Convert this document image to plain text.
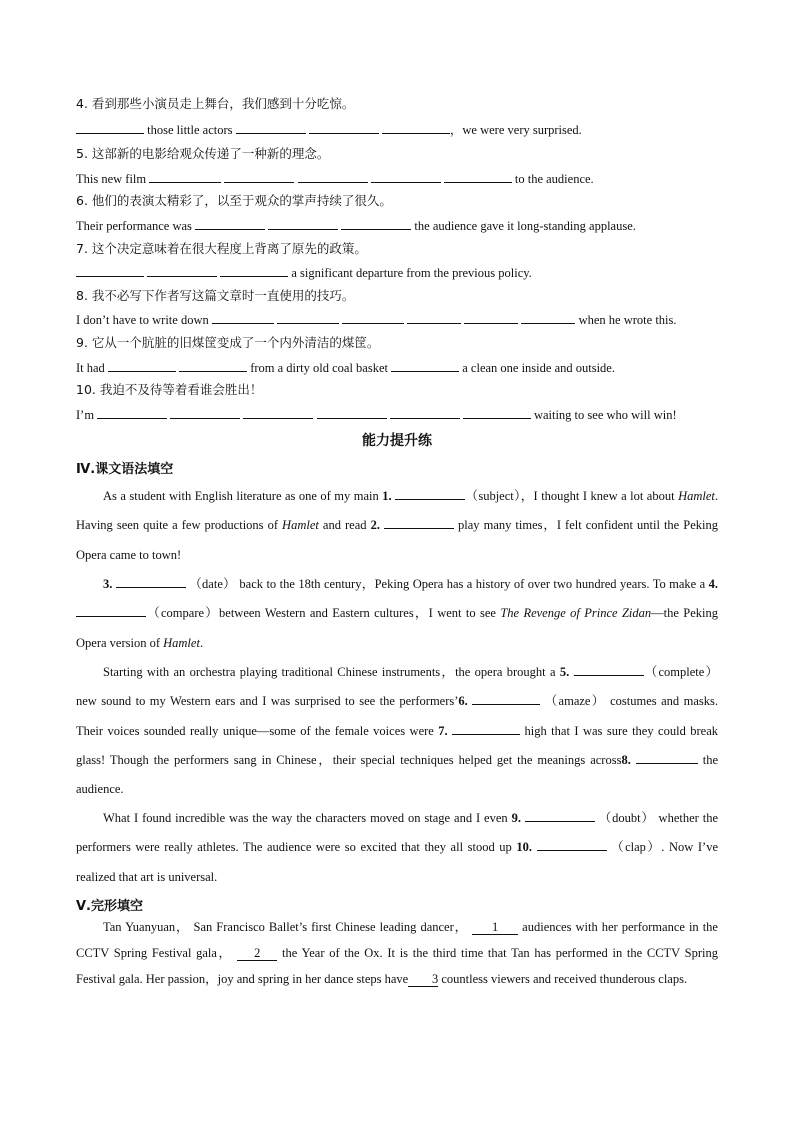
4. 看到那些小演员走上舞台，我们感到十分吃惊。
those little actors	，we were very surprised.
5. 这部新的电影给观众传递了一种新的理念。
This new film	to the audience.
6. 他们的表演太精彩了，以至于观众的掌声持续了很久。
Their performance was	the audience gave it long-standing applause.
7. 这个决定意味着在很大程度上背离了原先的政策。
a significant departure from the previous policy.
8. 我不必写下作者写这篇文章时一直使用的技巧。
I don’t have to write down	when he wrote this.
9. 它从一个肮脏的旧煤筐变成了一个内外清洁的煤筐。
It had	from a dirty old coal basket	a clean one inside and outside.
10. 我迫不及待等着看谁会胜出！
I’m	waiting to see who will win!
能力提升练
Ⅳ.课文语法填空
As a student with English literature as one of my main 1.	（subject），I thought I knew a lot about Hamlet. Having seen quite a few productions of Hamlet and read 2.	play many times，I felt confident until the Peking Opera came to town!
3.	（date） back to the 18th century，Peking Opera has a history of over two hundred years. To make a 4. （compare）between Western and Eastern cultures，I went to see The Revenge of Prince Zidan—the Peking Opera version of Hamlet.
Starting with an orchestra playing traditional Chinese instruments，the opera brought a 5.	（complete）new sound to my Western ears and I was surprised to see the performers’6.	（amaze） costumes and masks. Their voices sounded really unique—some of the female voices were 7.	high that I was sure they could break glass! Though the performers sang in Chinese，their special techniques helped get the meanings across8.	the audience.
What I found incredible was the way the characters moved on stage and I even 9.	（doubt） whether the performers were really athletes. The audience were so excited that they all stood up 10.	（clap）. Now I’ve realized that art is universal.
Ⅴ.完形填空
Tan Yuanyuan， San Francisco Ballet’s first Chinese leading dancer， 1 audiences with her performance in the CCTV Spring Festival gala， 2 the Year of the Ox. It is the third time that Tan has performed in the CCTV Spring Festival gala. Her passion，joy and spring in her dance steps have 3 countless viewers and received thunderous claps.
